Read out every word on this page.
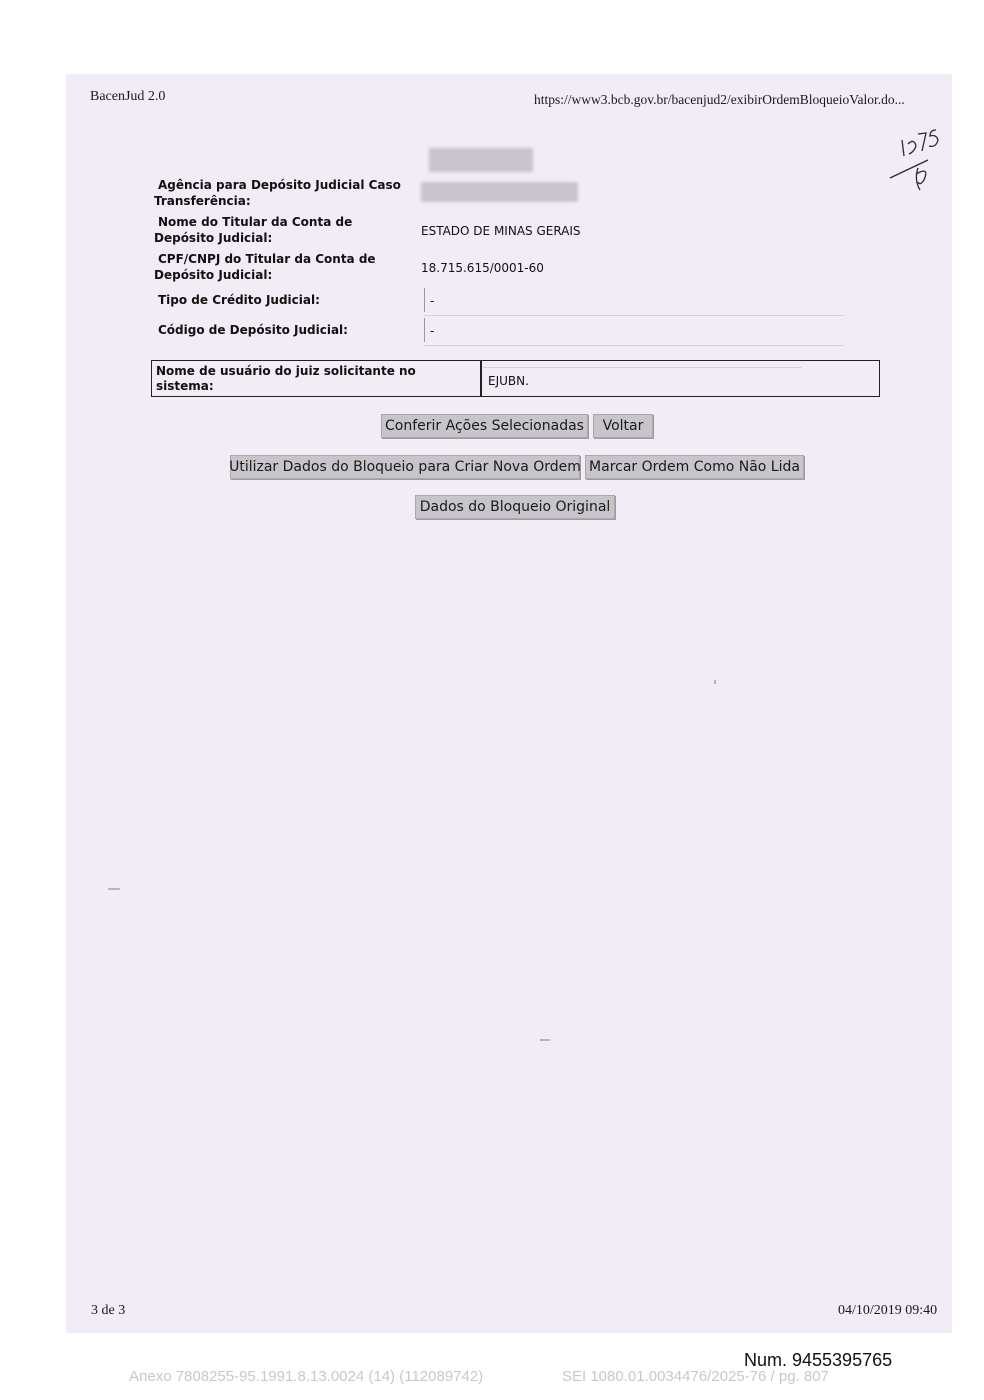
BacenJud 2.0	https://www3.bcb.gov.br/bacenjud2/exibirOrdemBloqueioValor.do...
Agência para Depósito Judicial Caso Transferência:
Nome do Titular da Conta de Depósito Judicial:	ESTADO DE MINAS GERAIS
CPF/CNPJ do Titular da Conta de Depósito Judicial:	18.715.615/0001-60
Tipo de Crédito Judicial:	-
Código de Depósito Judicial:	-
Nome de usuário do juiz solicitante no sistema:	EJUBN.
Conferir Ações Selecionadas	Voltar
Utilizar Dados do Bloqueio para Criar Nova Ordem Marcar Ordem Como Não Lida
Dados do Bloqueio Original
3 de 3	04/10/2019 09:40
Num. 9455395765
Anexo 7808255-95.1991.8.13.0024 (14) (112089742)	SEI 1080.01.0034476/2025-76 / pg. 807
